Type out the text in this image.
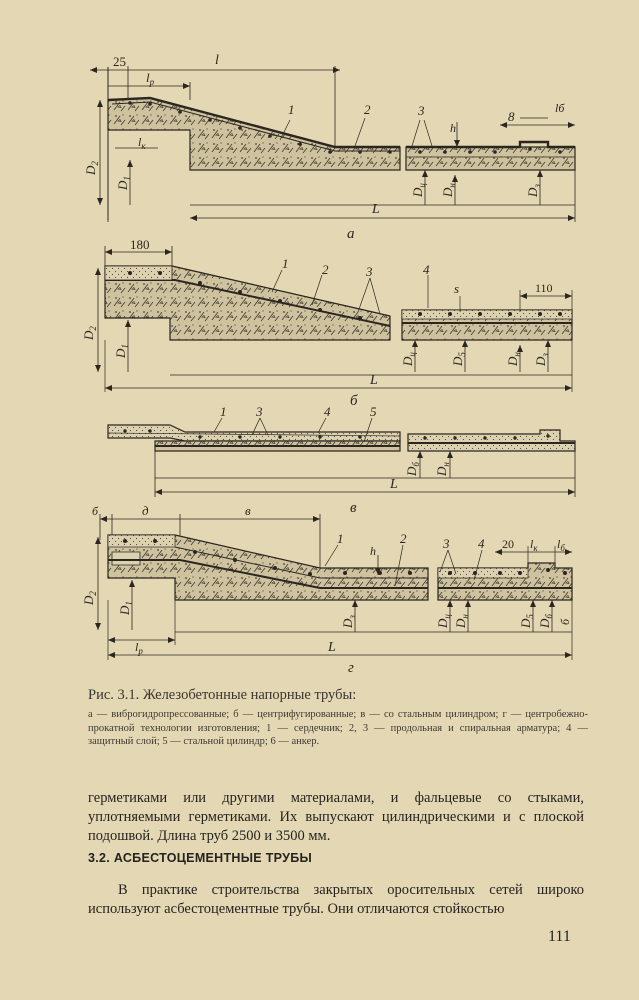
25	l
$l_р$
$l_к$
1	2	3
h
8
lб
$D_2$
$D_1$
$D_ц$
$D_н$
$D_з$
L
а
180
110
s
1	2	3	4
$D_2$
$D_1$
$D_ц$
$D_5$
$D_н$
$D_з$
L
б
1 3	4	5
$D_б$
$D_н$
L
в
б	д	в
20 $l_к$ $l_б$
$l_р$
1
h
2	3 4
б
$D_2$
$D_1$
$D_з$
$D_ц$
$D_н$
$D_5$
$D_б$
L
г
Рис. 3.1. Железобетонные напорные трубы:
а — виброгидропрессованные; б — центрифугированные; в — со стальным цилиндром; г — центробежно-прокатной технологии изготовления; 1 — сердечник; 2, 3 — продольная и спиральная арматура; 4 — защитный слой; 5 — стальной цилиндр; 6 — анкер.
герметиками или другими материалами, и фальцевые со стыками, уплотняемыми герметиками. Их выпускают цилиндрическими и с плоской подошвой. Длина труб 2500 и 3500 мм.
3.2. АСБЕСТОЦЕМЕНТНЫЕ ТРУБЫ
В практике строительства закрытых оросительных сетей широко используют асбестоцементные трубы. Они отличаются стойкостью
111
